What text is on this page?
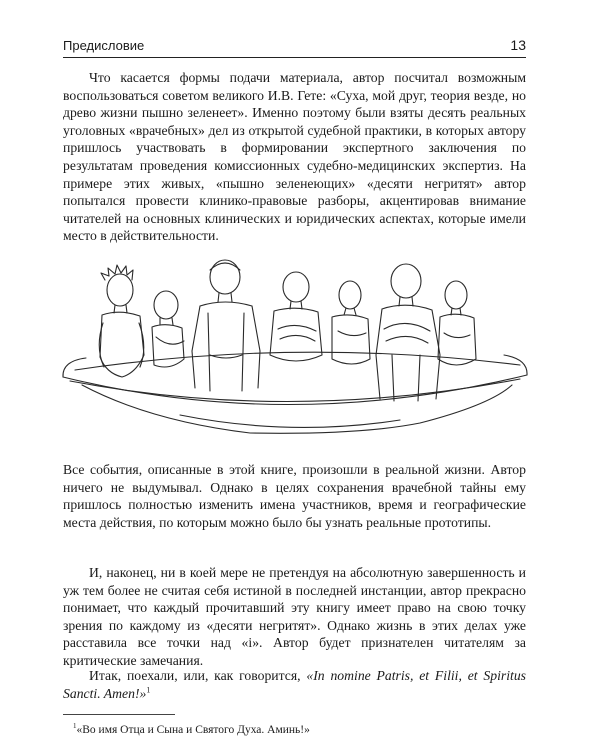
Предисловие	13

Что касается формы подачи материала, автор посчитал возможным воспользоваться советом великого И.В. Гете: «Суха, мой друг, теория везде, но древо жизни пышно зеленеет». Именно поэтому были взяты десять реальных уголовных «врачебных» дел из открытой судебной практики, в которых автору пришлось участвовать в формировании экспертного заключения по результатам проведения комиссионных судебно-медицинских экспертиз. На примере этих живых, «пышно зеленеющих» «десяти негритят» автор попытался провести клинико-правовые разборы, акцентировав внимание читателей на основных клинических и юридических аспектах, которые имели место в действительности.

Все события, описанные в этой книге, произошли в реальной жизни. Автор ничего не выдумывал. Однако в целях сохранения врачебной тайны ему пришлось полностью изменить имена участников, время и географические места действия, по которым можно было бы узнать реальные прототипы.

И, наконец, ни в коей мере не претендуя на абсолютную завершенность и уж тем более не считая себя истиной в последней инстанции, автор прекрасно понимает, что каждый прочитавший эту книгу имеет право на свою точку зрения по каждому из «десяти негритят». Однако жизнь в этих делах уже расставила все точки над «i». Автор будет признателен читателям за критические замечания.

Итак, поехали, или, как говорится, «In nomine Patris, et Filii, et Spiritus Sancti. Amen!»$^1$

$^1$«Во имя Отца и Сына и Святого Духа. Аминь!»
